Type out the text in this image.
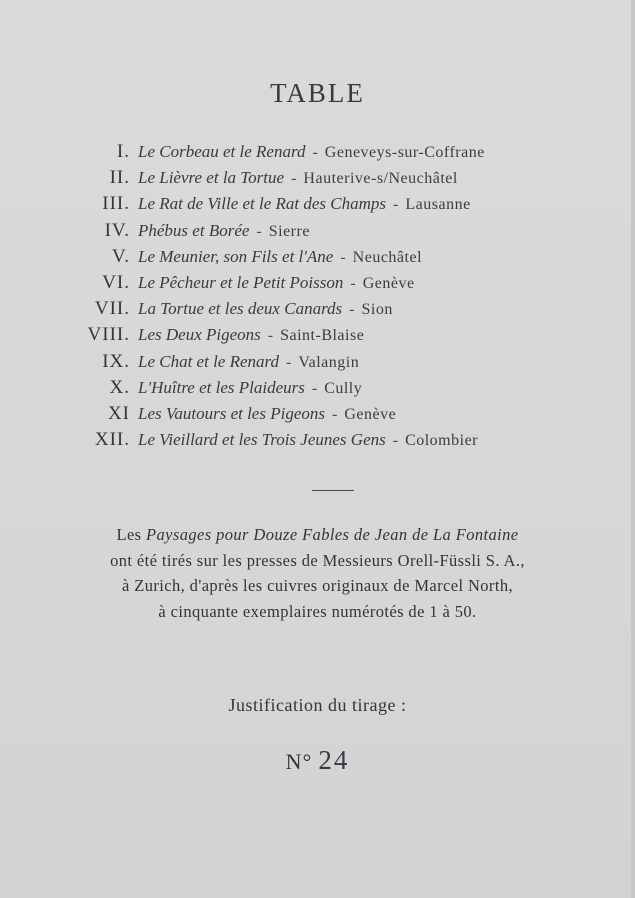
TABLE
I. Le Corbeau et le Renard - Geneveys-sur-Coffrane
II. Le Lièvre et la Tortue - Hauterive-s/Neuchâtel
III. Le Rat de Ville et le Rat des Champs - Lausanne
IV. Phébus et Borée - Sierre
V. Le Meunier, son Fils et l'Ane - Neuchâtel
VI. Le Pêcheur et le Petit Poisson - Genève
VII. La Tortue et les deux Canards - Sion
VIII. Les Deux Pigeons - Saint-Blaise
IX. Le Chat et le Renard - Valangin
X. L'Huître et les Plaideurs - Cully
XI Les Vautours et les Pigeons - Genève
XII. Le Vieillard et les Trois Jeunes Gens - Colombier
Les Paysages pour Douze Fables de Jean de La Fontaine
ont été tirés sur les presses de Messieurs Orell-Füssli S. A.,
à Zurich, d'après les cuivres originaux de Marcel North,
à cinquante exemplaires numérotés de 1 à 50.
Justification du tirage :
N° 24
